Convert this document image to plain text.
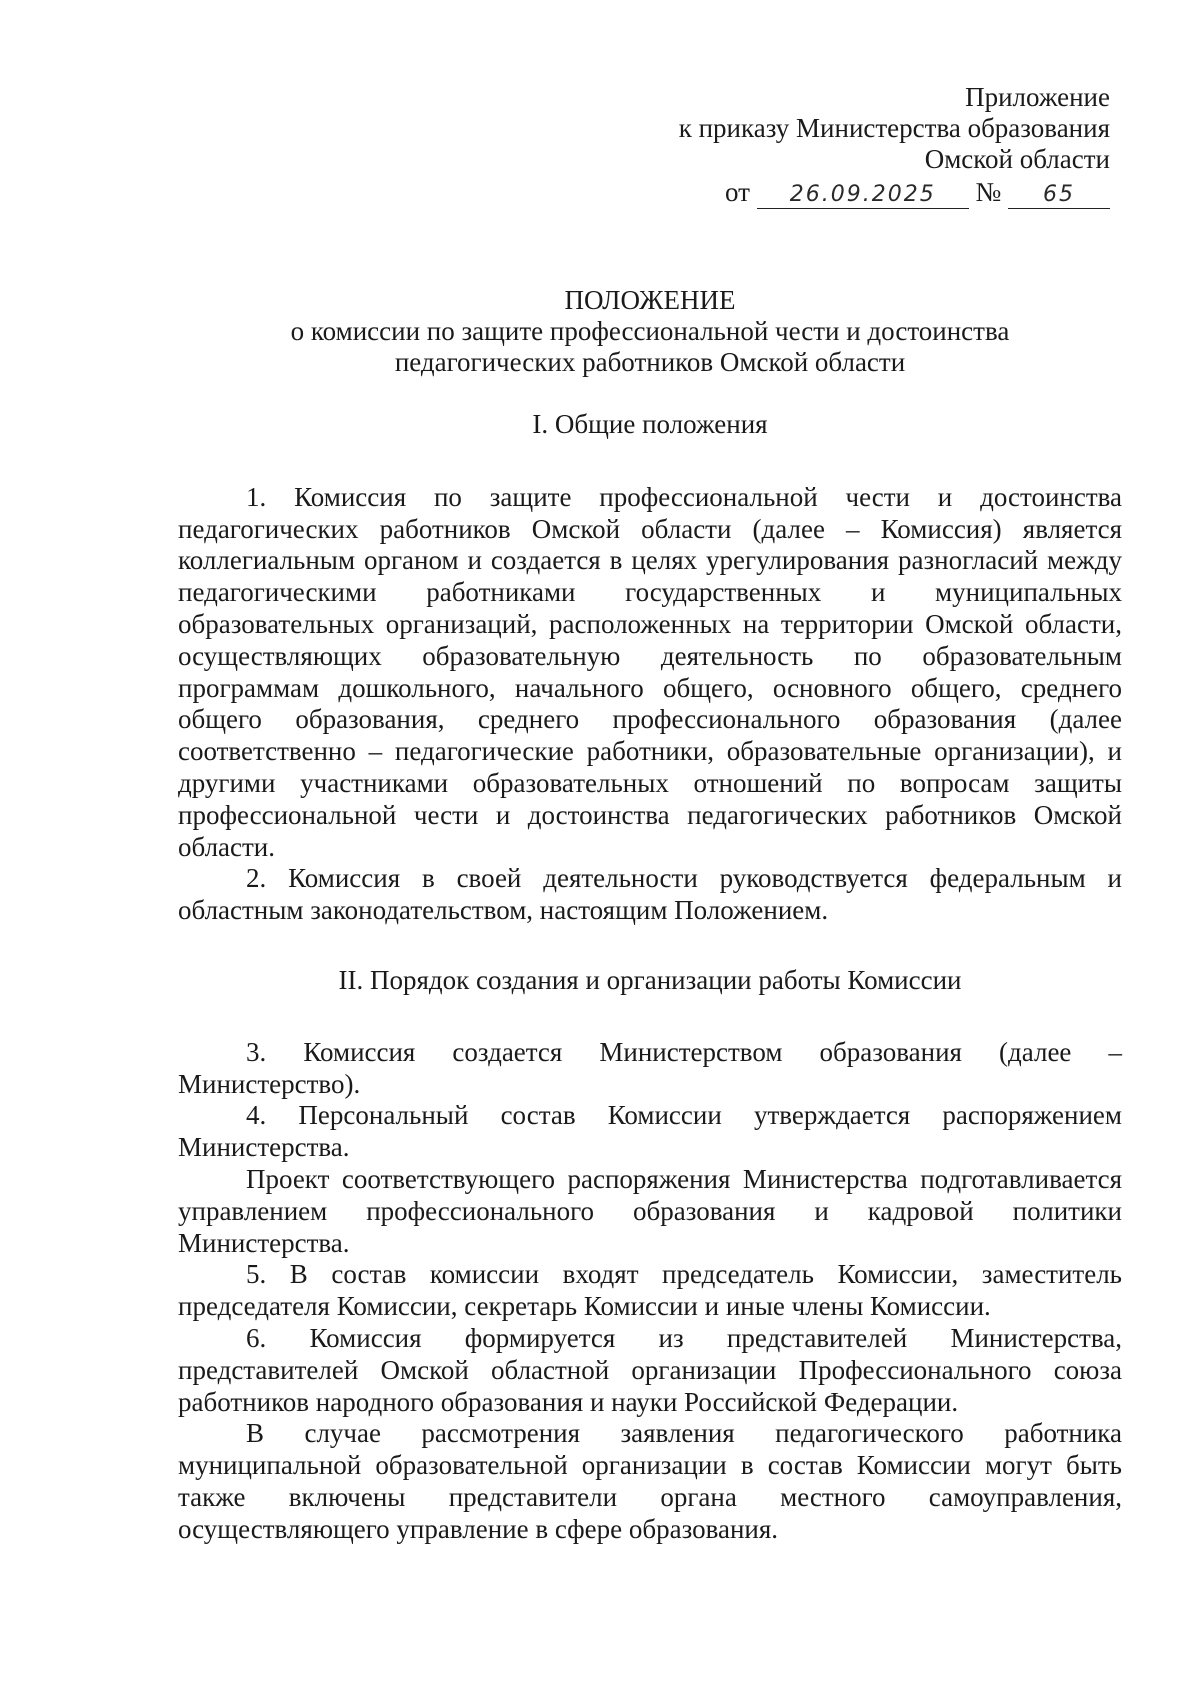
Приложение
к приказу Министерства образования
Омской области
от 26.09.2025 № 65
ПОЛОЖЕНИЕ
о комиссии по защите профессиональной чести и достоинства
педагогических работников Омской области
I. Общие положения

1. Комиссия по защите профессиональной чести и достоинства педагогических работников Омской области (далее – Комиссия) является коллегиальным органом и создается в целях урегулирования разногласий между педагогическими работниками государственных и муниципальных образовательных организаций, расположенных на территории Омской области, осуществляющих образовательную деятельность по образовательным программам дошкольного, начального общего, основного общего, среднего общего образования, среднего профессионального образования (далее соответственно – педагогические работники, образовательные организации), и другими участниками образовательных отношений по вопросам защиты профессиональной чести и достоинства педагогических работников Омской области.

2. Комиссия в своей деятельности руководствуется федеральным и областным законодательством, настоящим Положением.

II. Порядок создания и организации работы Комиссии

3. Комиссия создается Министерством образования (далее – Министерство).

4. Персональный состав Комиссии утверждается распоряжением Министерства.

Проект соответствующего распоряжения Министерства подготавливается управлением профессионального образования и кадровой политики Министерства.

5. В состав комиссии входят председатель Комиссии, заместитель председателя Комиссии, секретарь Комиссии и иные члены Комиссии.

6. Комиссия формируется из представителей Министерства, представителей Омской областной организации Профессионального союза работников народного образования и науки Российской Федерации.

В случае рассмотрения заявления педагогического работника муниципальной образовательной организации в состав Комиссии могут быть также включены представители органа местного самоуправления, осуществляющего управление в сфере образования.
